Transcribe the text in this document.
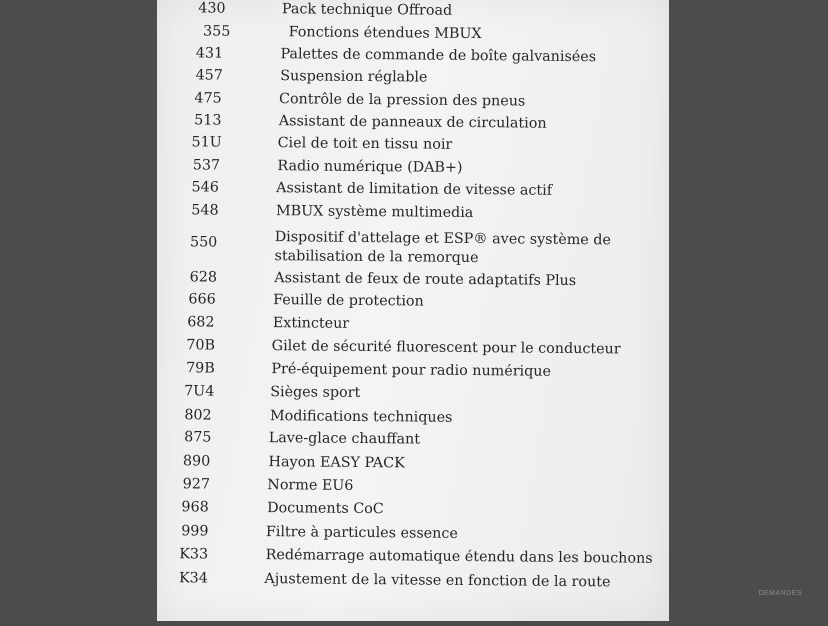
430	Pack technique Offroad
355	Fonctions étendues MBUX
431	Palettes de commande de boîte galvanisées
457	Suspension réglable
475	Contrôle de la pression des pneus
513	Assistant de panneaux de circulation
51U	Ciel de toit en tissu noir
537	Radio numérique (DAB+)
546	Assistant de limitation de vitesse actif
548	MBUX système multimedia
550	Dispositif d'attelage et ESP® avec système de
stabilisation de la remorque
628	Assistant de feux de route adaptatifs Plus
666	Feuille de protection
682	Extincteur
70B	Gilet de sécurité fluorescent pour le conducteur
79B	Pré-équipement pour radio numérique
7U4	Sièges sport
802	Modifications techniques
875	Lave-glace chauffant
890	Hayon EASY PACK
927	Norme EU6
968	Documents CoC
999	Filtre à particules essence
K33	Redémarrage automatique étendu dans les bouchons
K34	Ajustement de la vitesse en fonction de la route
DEMANDES
